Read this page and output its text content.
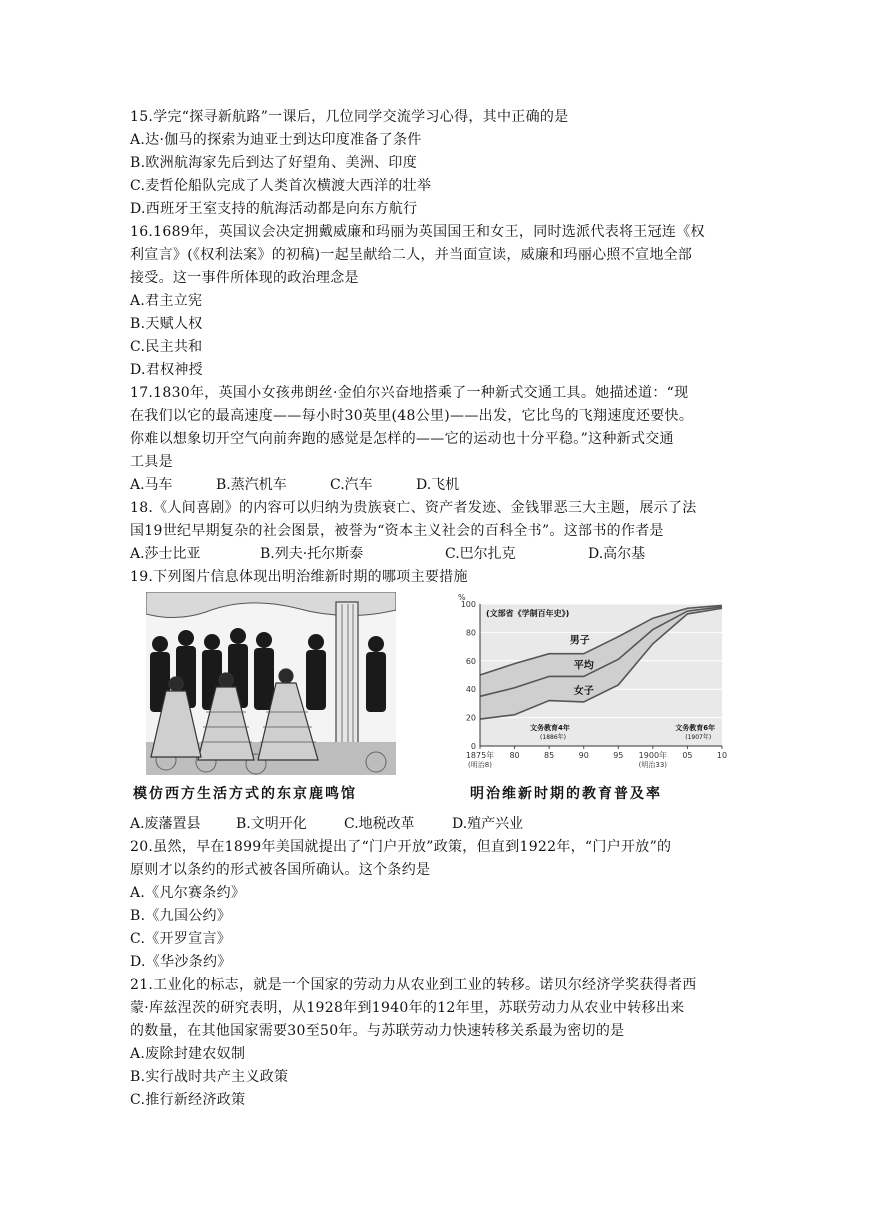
15.学完“探寻新航路”一课后，几位同学交流学习心得，其中正确的是
A.达·伽马的探索为迪亚士到达印度准备了条件
B.欧洲航海家先后到达了好望角、美洲、印度
C.麦哲伦船队完成了人类首次横渡大西洋的壮举
D.西班牙王室支持的航海活动都是向东方航行
16.1689年，英国议会决定拥戴威廉和玛丽为英国国王和女王，同时选派代表将王冠连《权
利宣言》(《权利法案》的初稿)一起呈献给二人，并当面宣读，威廉和玛丽心照不宣地全部
接受。这一事件所体现的政治理念是
A.君主立宪
B.天赋人权
C.民主共和
D.君权神授
17.1830年，英国小女孩弗朗丝·金伯尔兴奋地搭乘了一种新式交通工具。她描述道：“现
在我们以它的最高速度——每小时30英里(48公里)——出发，它比鸟的飞翔速度还要快。
你难以想象切开空气向前奔跑的感觉是怎样的——它的运动也十分平稳。”这种新式交通
工具是
A.马车	B.蒸汽机车	C.汽车	D.飞机
18.《人间喜剧》的内容可以归纳为贵族衰亡、资产者发迹、金钱罪恶三大主题，展示了法
国19世纪早期复杂的社会图景，被誉为“资本主义社会的百科全书”。这部书的作者是
A.莎士比亚	B.列夫·托尔斯泰	C.巴尔扎克	D.高尔基
19.下列图片信息体现出明治维新时期的哪项主要措施
模仿西方生活方式的东京鹿鸣馆
0
20
40
60
80
100
%
1875年
(明治8)
80	85	90	95 1900年
(明治33)
05	10
男子
平均
女子
(文部省《学制百年史》)
文务教育4年
(1886年)
文务教育6年
(1907年)
明治维新时期的教育普及率
A.废藩置县	B.文明开化	C.地税改革	D.殖产兴业
20.虽然，早在1899年美国就提出了“门户开放”政策，但直到1922年，“门户开放”的
原则才以条约的形式被各国所确认。这个条约是
A.《凡尔赛条约》
B.《九国公约》
C.《开罗宣言》
D.《华沙条约》
21.工业化的标志，就是一个国家的劳动力从农业到工业的转移。诺贝尔经济学奖获得者西
蒙·库兹涅茨的研究表明，从1928年到1940年的12年里，苏联劳动力从农业中转移出来
的数量，在其他国家需要30至50年。与苏联劳动力快速转移关系最为密切的是
A.废除封建农奴制
B.实行战时共产主义政策
C.推行新经济政策
